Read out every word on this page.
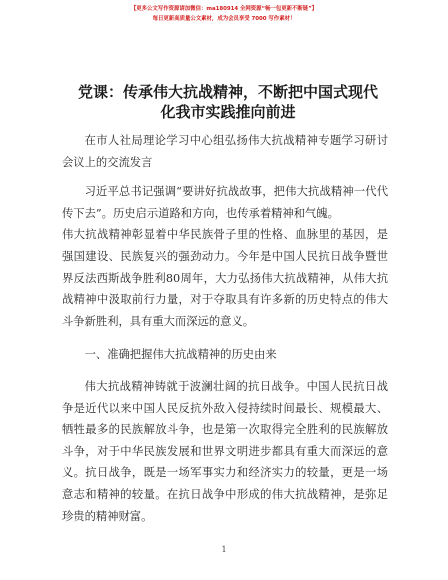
【更多公文写作资源请加微信：ma180914 全网资源“畅一包更新不断链”】
每日更新高质量公文素材，成为会员享受 7000 写作素材！
党课：传承伟大抗战精神，不断把中国式现代
化我市实践推向前进

在市人社局理论学习中心组弘扬伟大抗战精神专题学习研讨会议上的交流发言

习近平总书记强调“要讲好抗战故事，把伟大抗战精神一代代传下去”。历史启示道路和方向，也传承着精神和气魄。

伟大抗战精神彰显着中华民族骨子里的性格、血脉里的基因，是强国建设、民族复兴的强劲动力。今年是中国人民抗日战争暨世界反法西斯战争胜利80周年，大力弘扬伟大抗战精神，从伟大抗战精神中汲取前行力量，对于夺取具有许多新的历史特点的伟大斗争新胜利，具有重大而深远的意义。

一、准确把握伟大抗战精神的历史由来

伟大抗战精神铸就于波澜壮阔的抗日战争。中国人民抗日战争是近代以来中国人民反抗外敌入侵持续时间最长、规模最大、牺牲最多的民族解放斗争，也是第一次取得完全胜利的民族解放斗争，对于中华民族发展和世界文明进步都具有重大而深远的意义。抗日战争，既是一场军事实力和经济实力的较量，更是一场意志和精神的较量。在抗日战争中形成的伟大抗战精神，是弥足珍贵的精神财富。

1
